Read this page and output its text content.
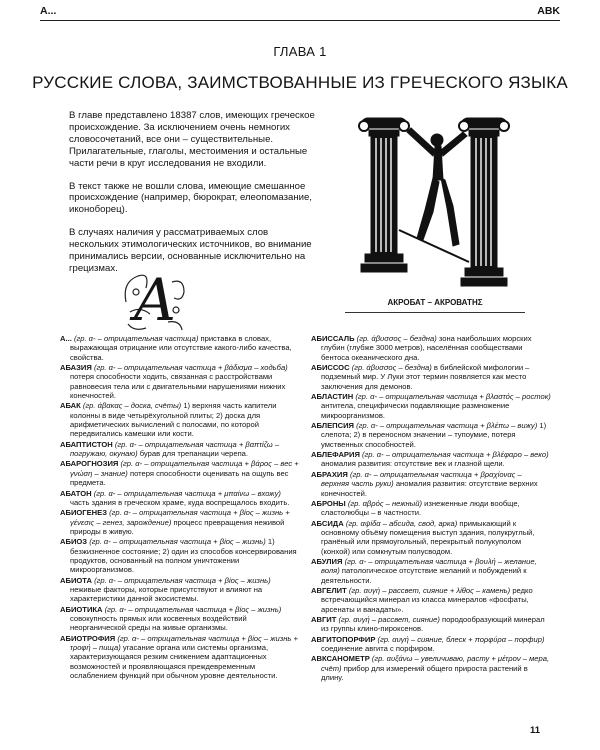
А...	ABK
ГЛАВА 1
РУССКИЕ СЛОВА, ЗАИМСТВОВАННЫЕ ИЗ ГРЕЧЕСКОГО ЯЗЫКА

В главе представлено 18387 слов, имеющих греческое происхождение. За исключением очень немногих словосочетаний, все они – существительные. Прилагательные, глаголы, местоимения и остальные части речи в круг исследования не входили.

В текст также не вошли слова, имеющие смешанное происхождение (например, бюрократ, елеопомазание, иконоборец).

В случаях наличия у рассматриваемых слов нескольких этимологических источников, во внимание принимались версии, основанные исключительно на грецизмах.

АКРОБАТ – АКРОВАТΗΣ
А

А... (гр. α- – отрицательная частица) приставка в словах, выражающая отрицание или отсутствие какого-либо качества, свойства.

АБАЗИЯ (гр. α- – отрицательная частица + βάδισμα – ходьба) потеря способности ходить, связанная с расстройствами равновесия тела или с двигательными нарушениями нижних конечностей.

АБАК (гр. άβακας – доска, счёты) 1) верхняя часть капители колонны в виде четырёхугольной плиты; 2) доска для арифметических вычислений с полосами, по которой передвигались камешки или кости.

АБАПТИСТОН (гр. α- – отрицательная частица + βαπτίζω – погружаю, окунаю) бурав для трепанации черепа.

АБАРОГНОЗИЯ (гр. α- – отрицательная частица + βάρος – вес + γνώση – знание) потеря способности оценивать на ощупь вес предмета.

АБАТОН (гр. α- – отрицательная частица + μπαίνω – вхожу) часть здания в греческом храме, куда воспрещалось входить.

АБИОГЕНЕЗ (гр. α- – отрицательная частица + βίος – жизнь + γένεσις – генез, зарождение) процесс превращения неживой природы в живую.

АБИОЗ (гр. α- – отрицательная частица + βίος – жизнь) 1) безжизненное состояние; 2) один из способов консервирования продуктов, основанный на полном уничтожении микроорганизмов.

АБИОТА (гр. α- – отрицательная частица + βίος – жизнь) неживые факторы, которые присутствуют и влияют на характеристики данной экосистемы.

АБИОТИКА (гр. α- – отрицательная частица + βίος – жизнь) совокупность прямых или косвенных воздействий неорганической среды на живые организмы.

АБИОТРОФИЯ (гр. α- – отрицательная частица + βίος – жизнь + τροφή – пища) угасание органа или системы организма, характеризующаяся резким снижением адаптационных возможностей и проявляющаяся преждевременным ослаблением функций при обычном уровне деятельности.

АБИССАЛЬ (гр. άβυσσος – бездна) зона наибольших морских глубин (глубже 3000 метров), населённая сообществами бентоса океанического дна.

АБИССОС (гр. άβυσσος – бездна) в библейской мифологии – подземный мир. У Луки этот термин появляется как место заключения для демонов.

АБЛАСТИН (гр. α- – отрицательная частица + βλαστός – росток) антитела, специфически подавляющие размножение микроорганизмов.

АБЛЕПСИЯ (гр. α- – отрицательная частица + βλέπω – вижу) 1) слепота; 2) в переносном значении – тупоумие, потеря умственных способностей.

АБЛЕФАРИЯ (гр. α- – отрицательная частица + βλέφαρο – веко) аномалия развития: отсутствие век и глазной щели.

АБРАХИЯ (гр. α- – отрицательная частица + βραχίονας – верхняя часть руки) аномалия развития: отсутствие верхних конечностей.

АБРОНЫ (гр. αβρός – нежный) изнеженные люди вообще, сластолюбцы – в частности.

АБСИДА (гр. αψίδα – абсида, свод, арка) примыкающий к основному объёму помещения выступ здания, полукруглый, гранёный или прямоугольный, перекрытый полукуполом (конхой) или сомкнутым полусводом.

АБУЛИЯ (гр. α- – отрицательная частица + βουλή – желание, воля) патологическое отсутствие желаний и побуждений к деятельности.

АВГЕЛИТ (гр. αυγή – рассвет, сияние + λίθος – камень) редко встречающийся минерал из класса минералов «фосфаты, арсенаты и ванадаты».

АВГИТ (гр. αυγή – рассвет, сияние) породообразующий минерал из группы клино-пироксенов.

АВГИТОПОРФИР (гр. αυγή – сияние, блеск + πορφύρα – порфир) соединение авгита с порфиром.

АВКСАНОМЕТР (гр. αυξάνω – увеличиваю, расту + μέτρον – мера, счёт) прибор для измерений общего прироста растений в длину.

11
